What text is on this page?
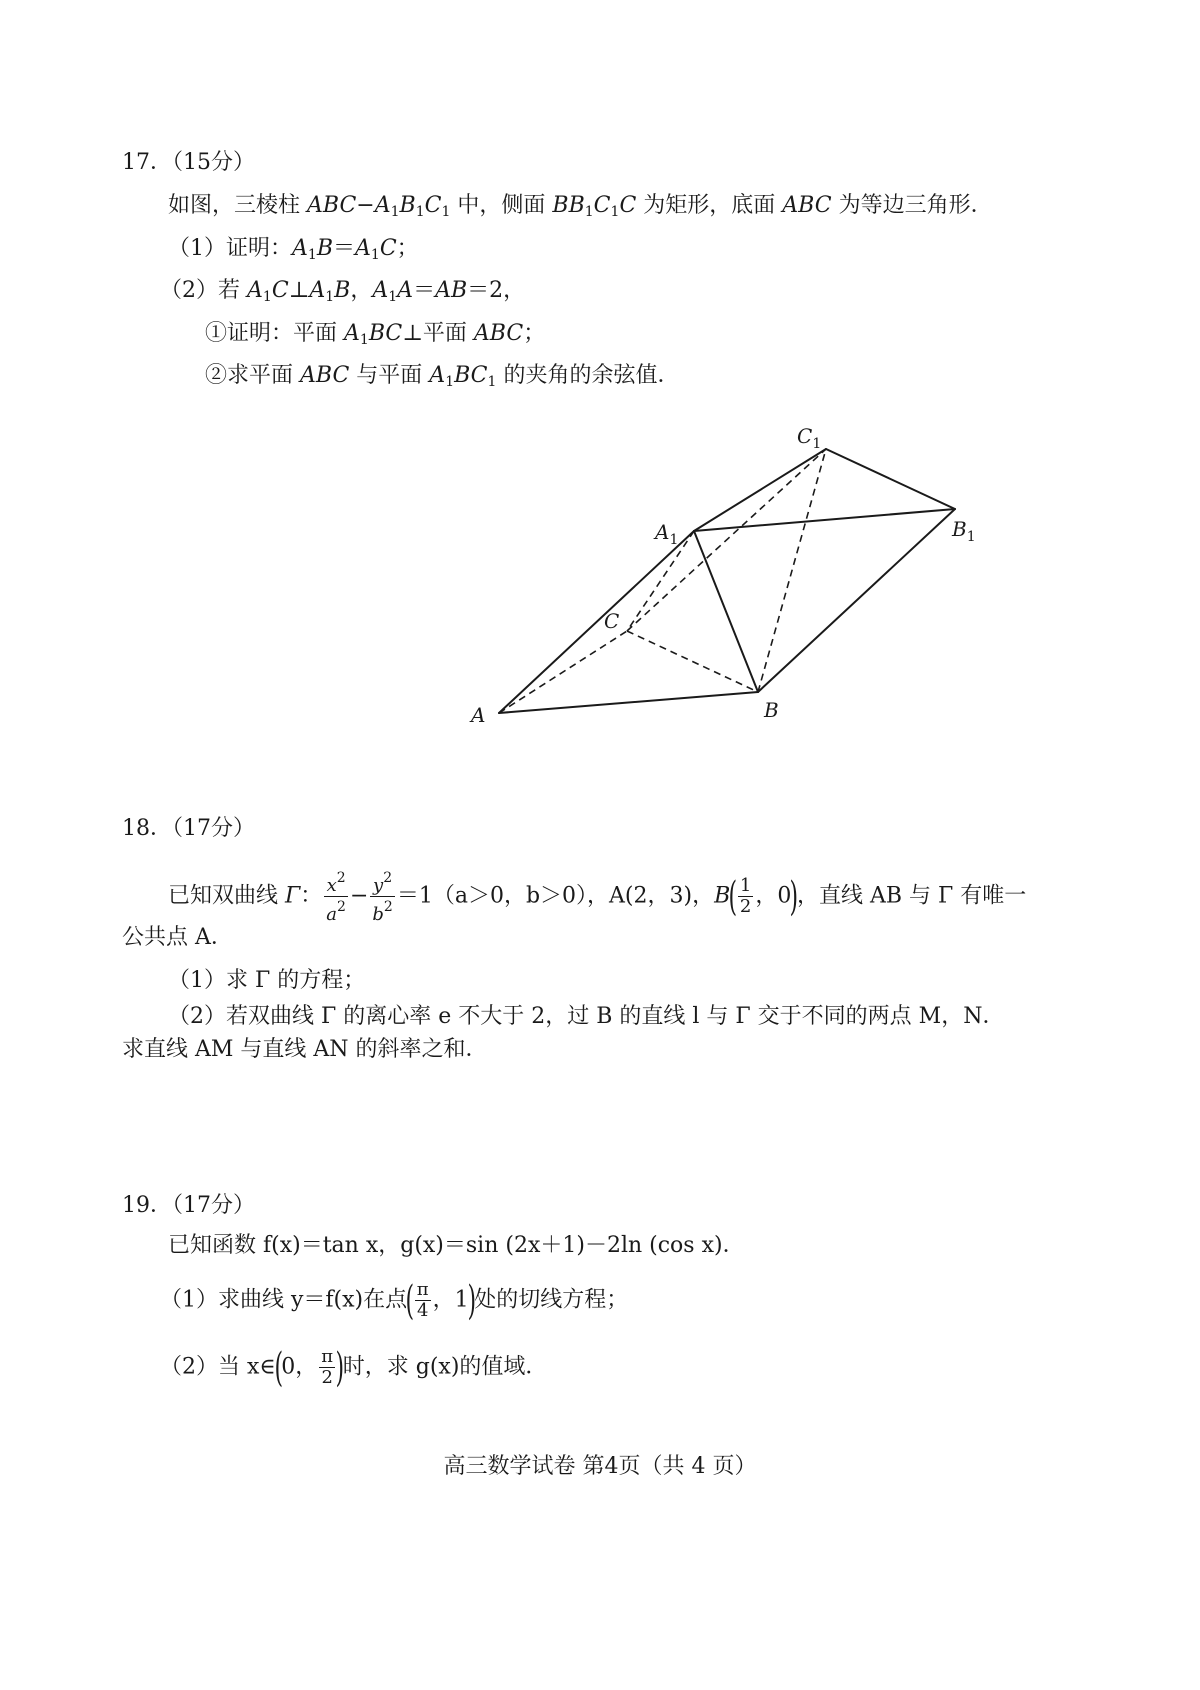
17．（15分）
如图，三棱柱 ABC−A1B1C1 中，侧面 BB1C1C 为矩形，底面 ABC 为等边三角形．
（1）证明：A1B＝A1C；
（2）若 A1C⊥A1B，A1A＝AB＝2，
①证明：平面 A1BC⊥平面 ABC；
②求平面 ABC 与平面 A1BC1 的夹角的余弦值．
A	B
C
$A_1$	$B_1$
$C_1$
18．（17分）
已知双曲线 Γ： $\frac{x^2}{a^2} - \frac{y^2}{b^2} =1(a>0$，b＞0），A(2，3)，$B( \frac{1}{2}$ ，0)，直线 AB 与 Γ 有唯一
公共点 A．
（1）求 Γ 的方程；
（2）若双曲线 Γ 的离心率 e 不大于 2，过 B 的直线 l 与 Γ 交于不同的两点 M，N．
求直线 AM 与直线 AN 的斜率之和．
19．（17分）
已知函数 f(x)＝tan x，g(x)＝sin (2x＋1)－2ln (cos x)．
（1）求曲线 y＝f(x)在点( $\frac{\pi}{4}$ ，1)处的切线方程；
（2）当 x∈(0， $\frac{\pi}{2}$ )时，求 g(x)的值域．
高三数学试卷 第4页（共 4 页）
